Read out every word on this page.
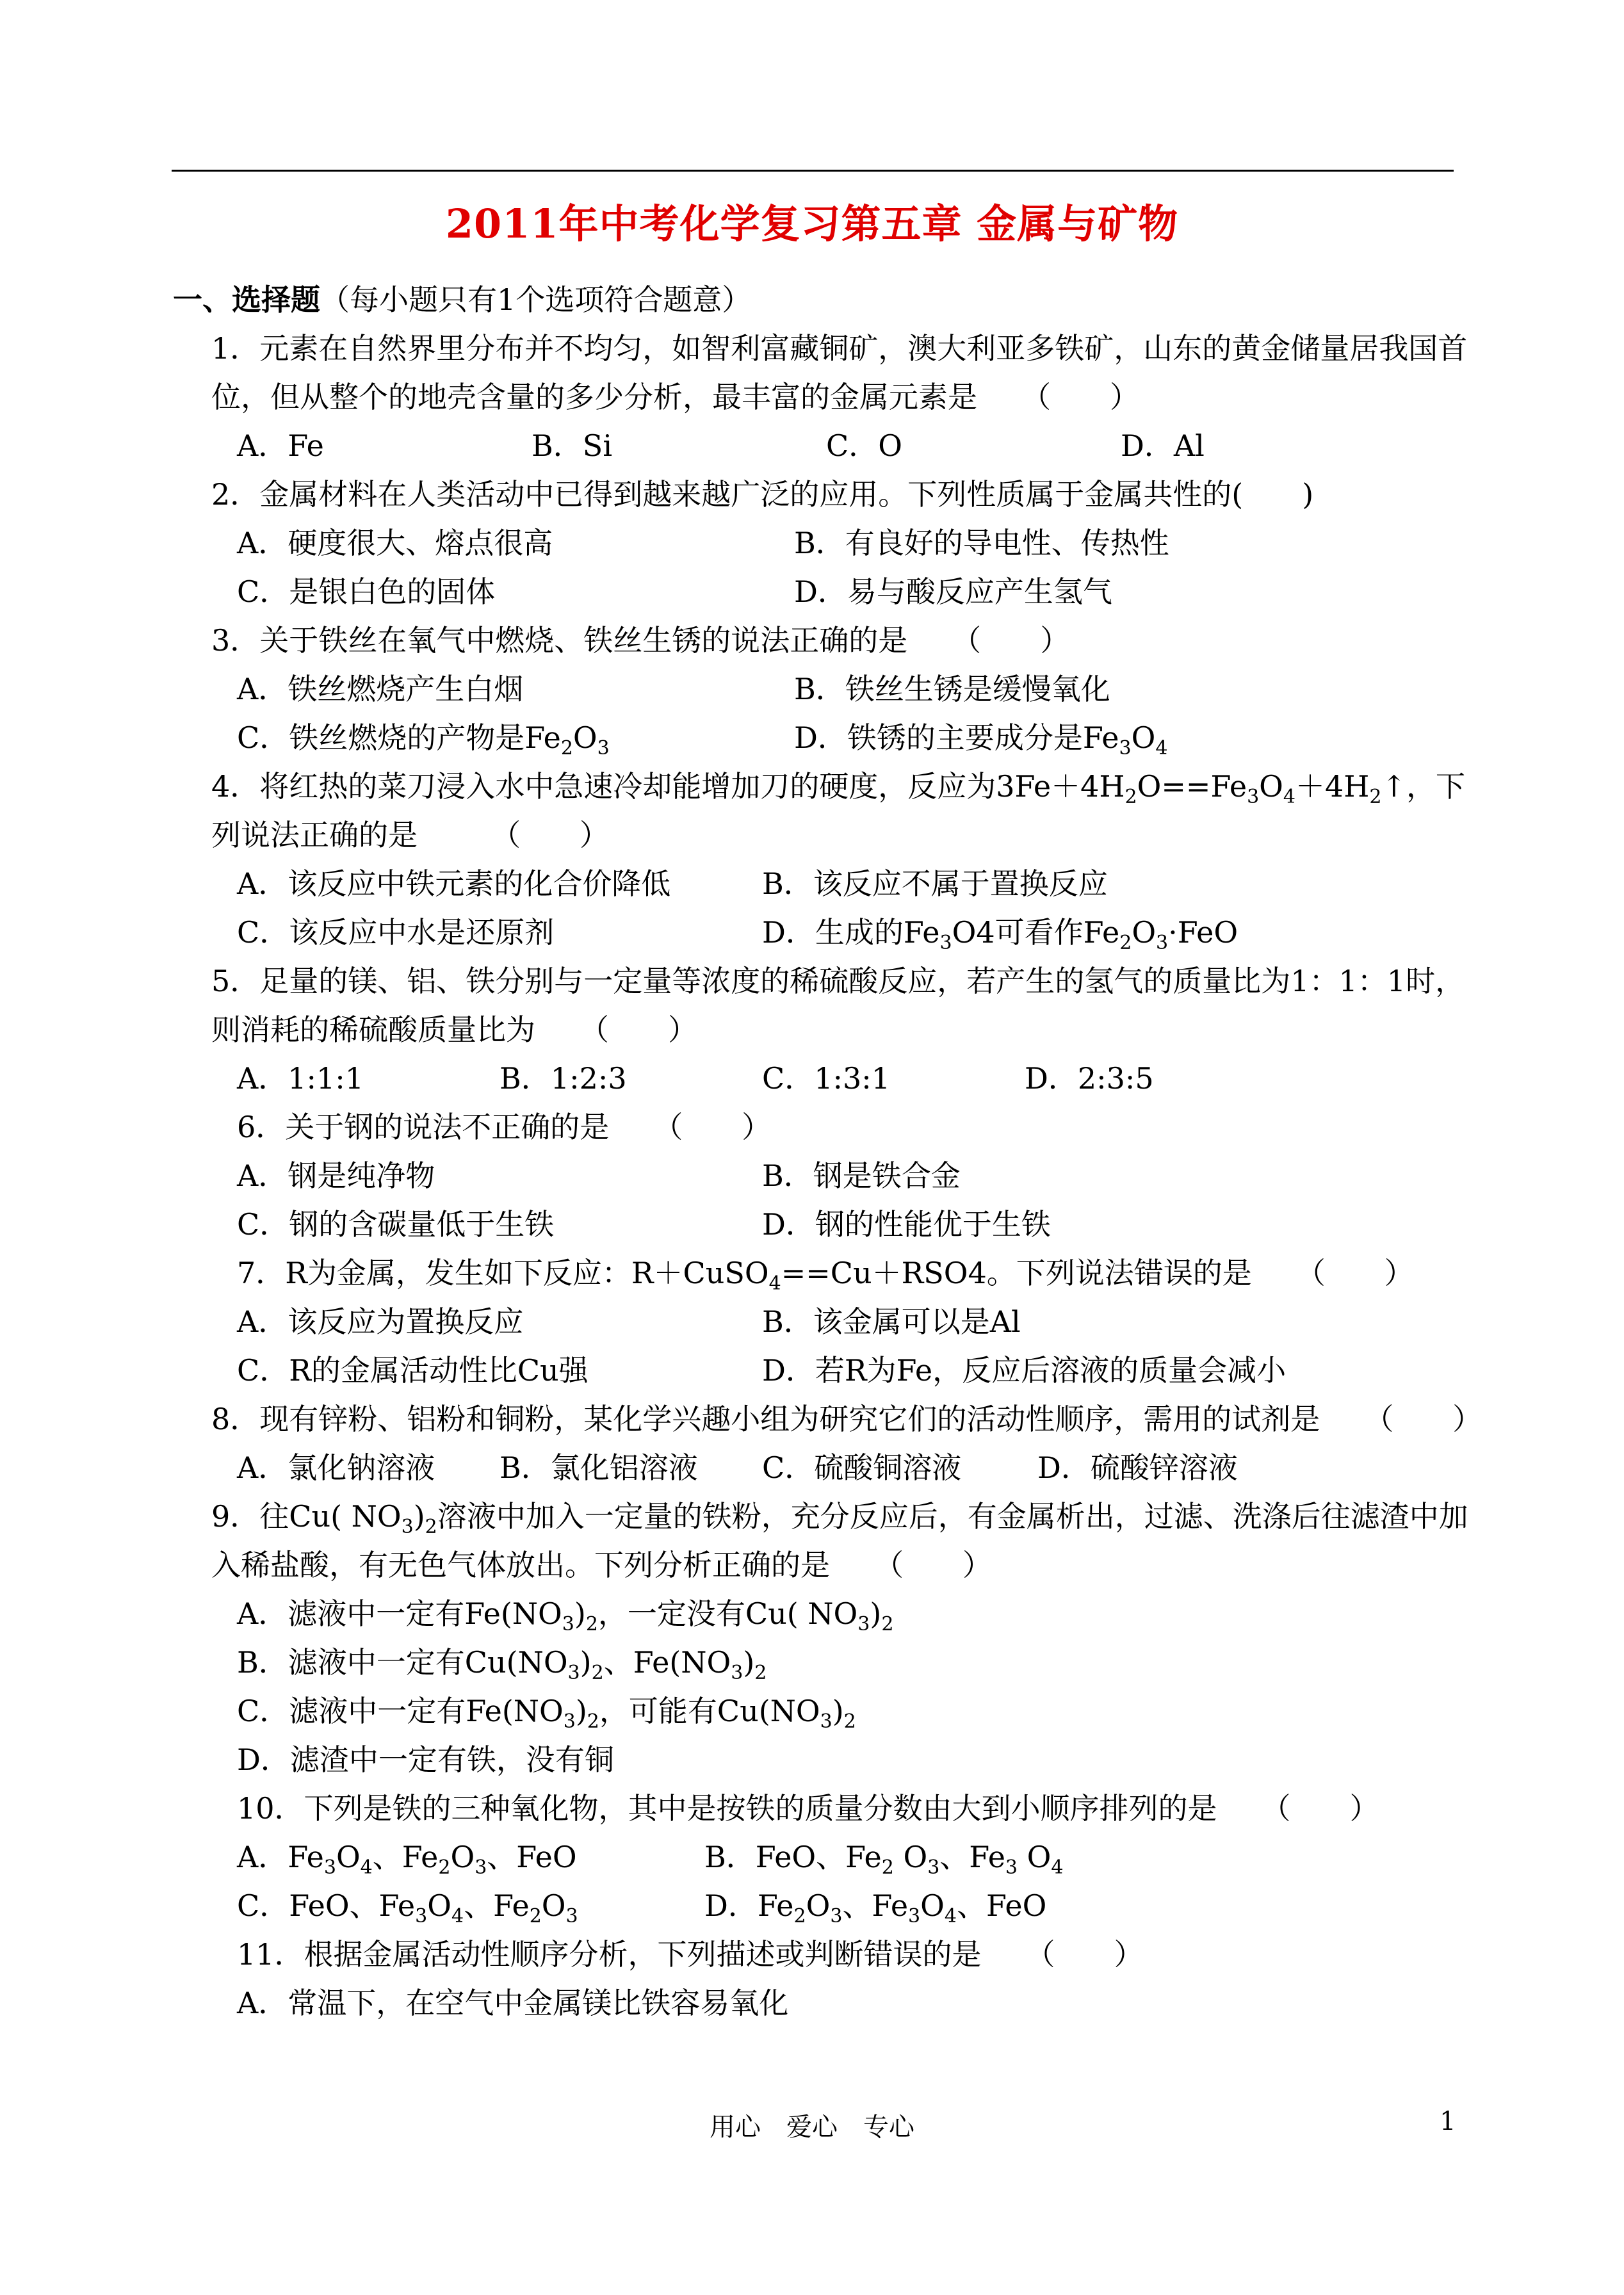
2011年中考化学复习第五章 金属与矿物
一、选择题（每小题只有1个选项符合题意）
1．元素在自然界里分布并不均匀，如智利富藏铜矿，澳大利亚多铁矿，山东的黄金储量居我国首位，但从整个的地壳含量的多少分析，最丰富的金属元素是　　（　　）
A．Fe	B．Si	C．O	D．Al
2．金属材料在人类活动中已得到越来越广泛的应用。下列性质属于金属共性的(　　)
A．硬度很大、熔点很高	B．有良好的导电性、传热性
C．是银白色的固体	D．易与酸反应产生氢气
3．关于铁丝在氧气中燃烧、铁丝生锈的说法正确的是　　（　　）
A．铁丝燃烧产生白烟	B．铁丝生锈是缓慢氧化
C．铁丝燃烧的产物是$Fe_2O_3$	D．铁锈的主要成分是$Fe_3O_4$
4．将红热的菜刀浸入水中急速冷却能增加刀的硬度，反应为$3Fe+4H_2O==Fe_3O_4+4H_2↑$，下列说法正确的是　　　（　　）
A．该反应中铁元素的化合价降低	B．该反应不属于置换反应
C．该反应中水是还原剂	D．生成的$Fe_3O4$可看作$Fe_2O_3\cdot FeO$
5．足量的镁、铝、铁分别与一定量等浓度的稀硫酸反应，若产生的氢气的质量比为1：1：1时，则消耗的稀硫酸质量比为　　（　　）
A．1:1:1	B．1:2:3	C．1:3:1	D．2:3:5
6．关于钢的说法不正确的是　　（　　）
A．钢是纯净物	B．钢是铁合金
C．钢的含碳量低于生铁	D．钢的性能优于生铁
7．R为金属，发生如下反应：R＋CuSO$_4$==Cu＋RSO4。下列说法错误的是　　（　　）
A．该反应为置换反应	B．该金属可以是Al
C．R的金属活动性比Cu强	D．若R为Fe，反应后溶液的质量会减小
8．现有锌粉、铝粉和铜粉，某化学兴趣小组为研究它们的活动性顺序，需用的试剂是　　（　　）
A．氯化钠溶液 B．氯化铝溶液 C．硫酸铜溶液	D．硫酸锌溶液
9．往Cu( $NO_3)_2$溶液中加入一定量的铁粉，充分反应后，有金属析出，过滤、洗涤后往滤渣中加入稀盐酸，有无色气体放出。下列分析正确的是　　（　　）
A．滤液中一定有$Fe(NO_3)_2$，一定没有Cu( $NO_3)_2$
B．滤液中一定有$Cu(NO_3)_2$、$Fe(NO_3)_2$
C．滤液中一定有$Fe(NO_3)_2$，可能有$Cu(NO_3)_2$
D．滤渣中一定有铁，没有铜
10．下列是铁的三种氧化物，其中是按铁的质量分数由大到小顺序排列的是　　（　　）
A．$Fe_3O_4$、$Fe_2O_3$、FeO	B．FeO、$Fe_2$ $O_3$、$Fe_3$ $O_4$
C．FeO、$Fe_3O_4$、$Fe_2O_3$	D．$Fe_2O_3$、$Fe_3O_4$、FeO
11．根据金属活动性顺序分析，下列描述或判断错误的是　　（　　）
A．常温下，在空气中金属镁比铁容易氧化
用心　爱心　专心	1
